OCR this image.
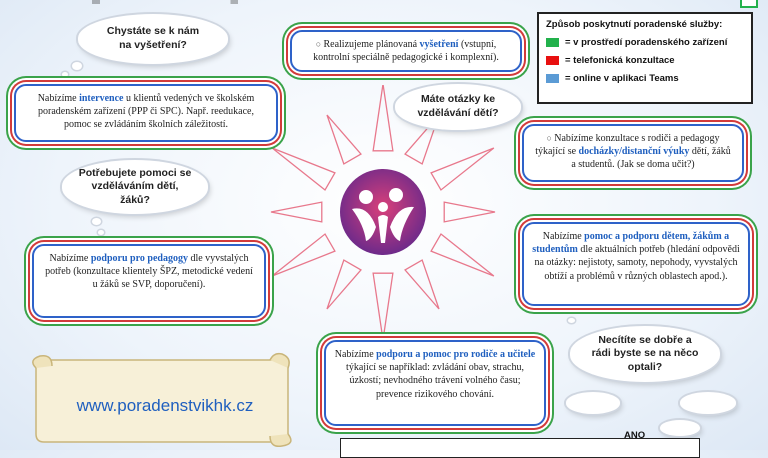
Způsob poskytnutí poradenské služby:
= v prostředí poradenského zařízení
= telefonická konzultace
= online v aplikaci Teams
Chystáte se k nám na vyšetření?	○ Realizujeme plánovaná vyšetření (vstupní, kontrolní speciálně pedagogické i komplexní).
Nabízíme intervence u klientů vedených ve školském poradenském zařízení (PPP či SPC). Např. reedukace, pomoc se zvládáním školních záležitostí.
Máte otázky ke vzdělávání dětí?
○ Nabízíme konzultace s rodiči a pedagogy týkající se docházky/distanční výuky dětí, žáků a studentů. (Jak se doma učit?)
Potřebujete pomoci se vzděláváním dětí, žáků?
Nabízíme podporu pro pedagogy dle vyvstalých potřeb (konzultace klientely ŠPZ, metodické vedení u žáků se SVP, doporučení).
Nabízíme pomoc a podporu dětem, žákům a studentům dle aktuálních potřeb (hledání odpovědi na otázky: nejistoty, samoty, nepohody, vyvstalých obtíží a problémů v různých oblastech apod.).
Necítíte se dobře a rádi byste se na něco optali?
Nabízíme podporu a pomoc pro rodiče a učitele týkající se například: zvládání obav, strachu, úzkostí; nevhodného trávení volného času; prevence rizikového chování.
www.poradenstvikhk.cz
ANO
